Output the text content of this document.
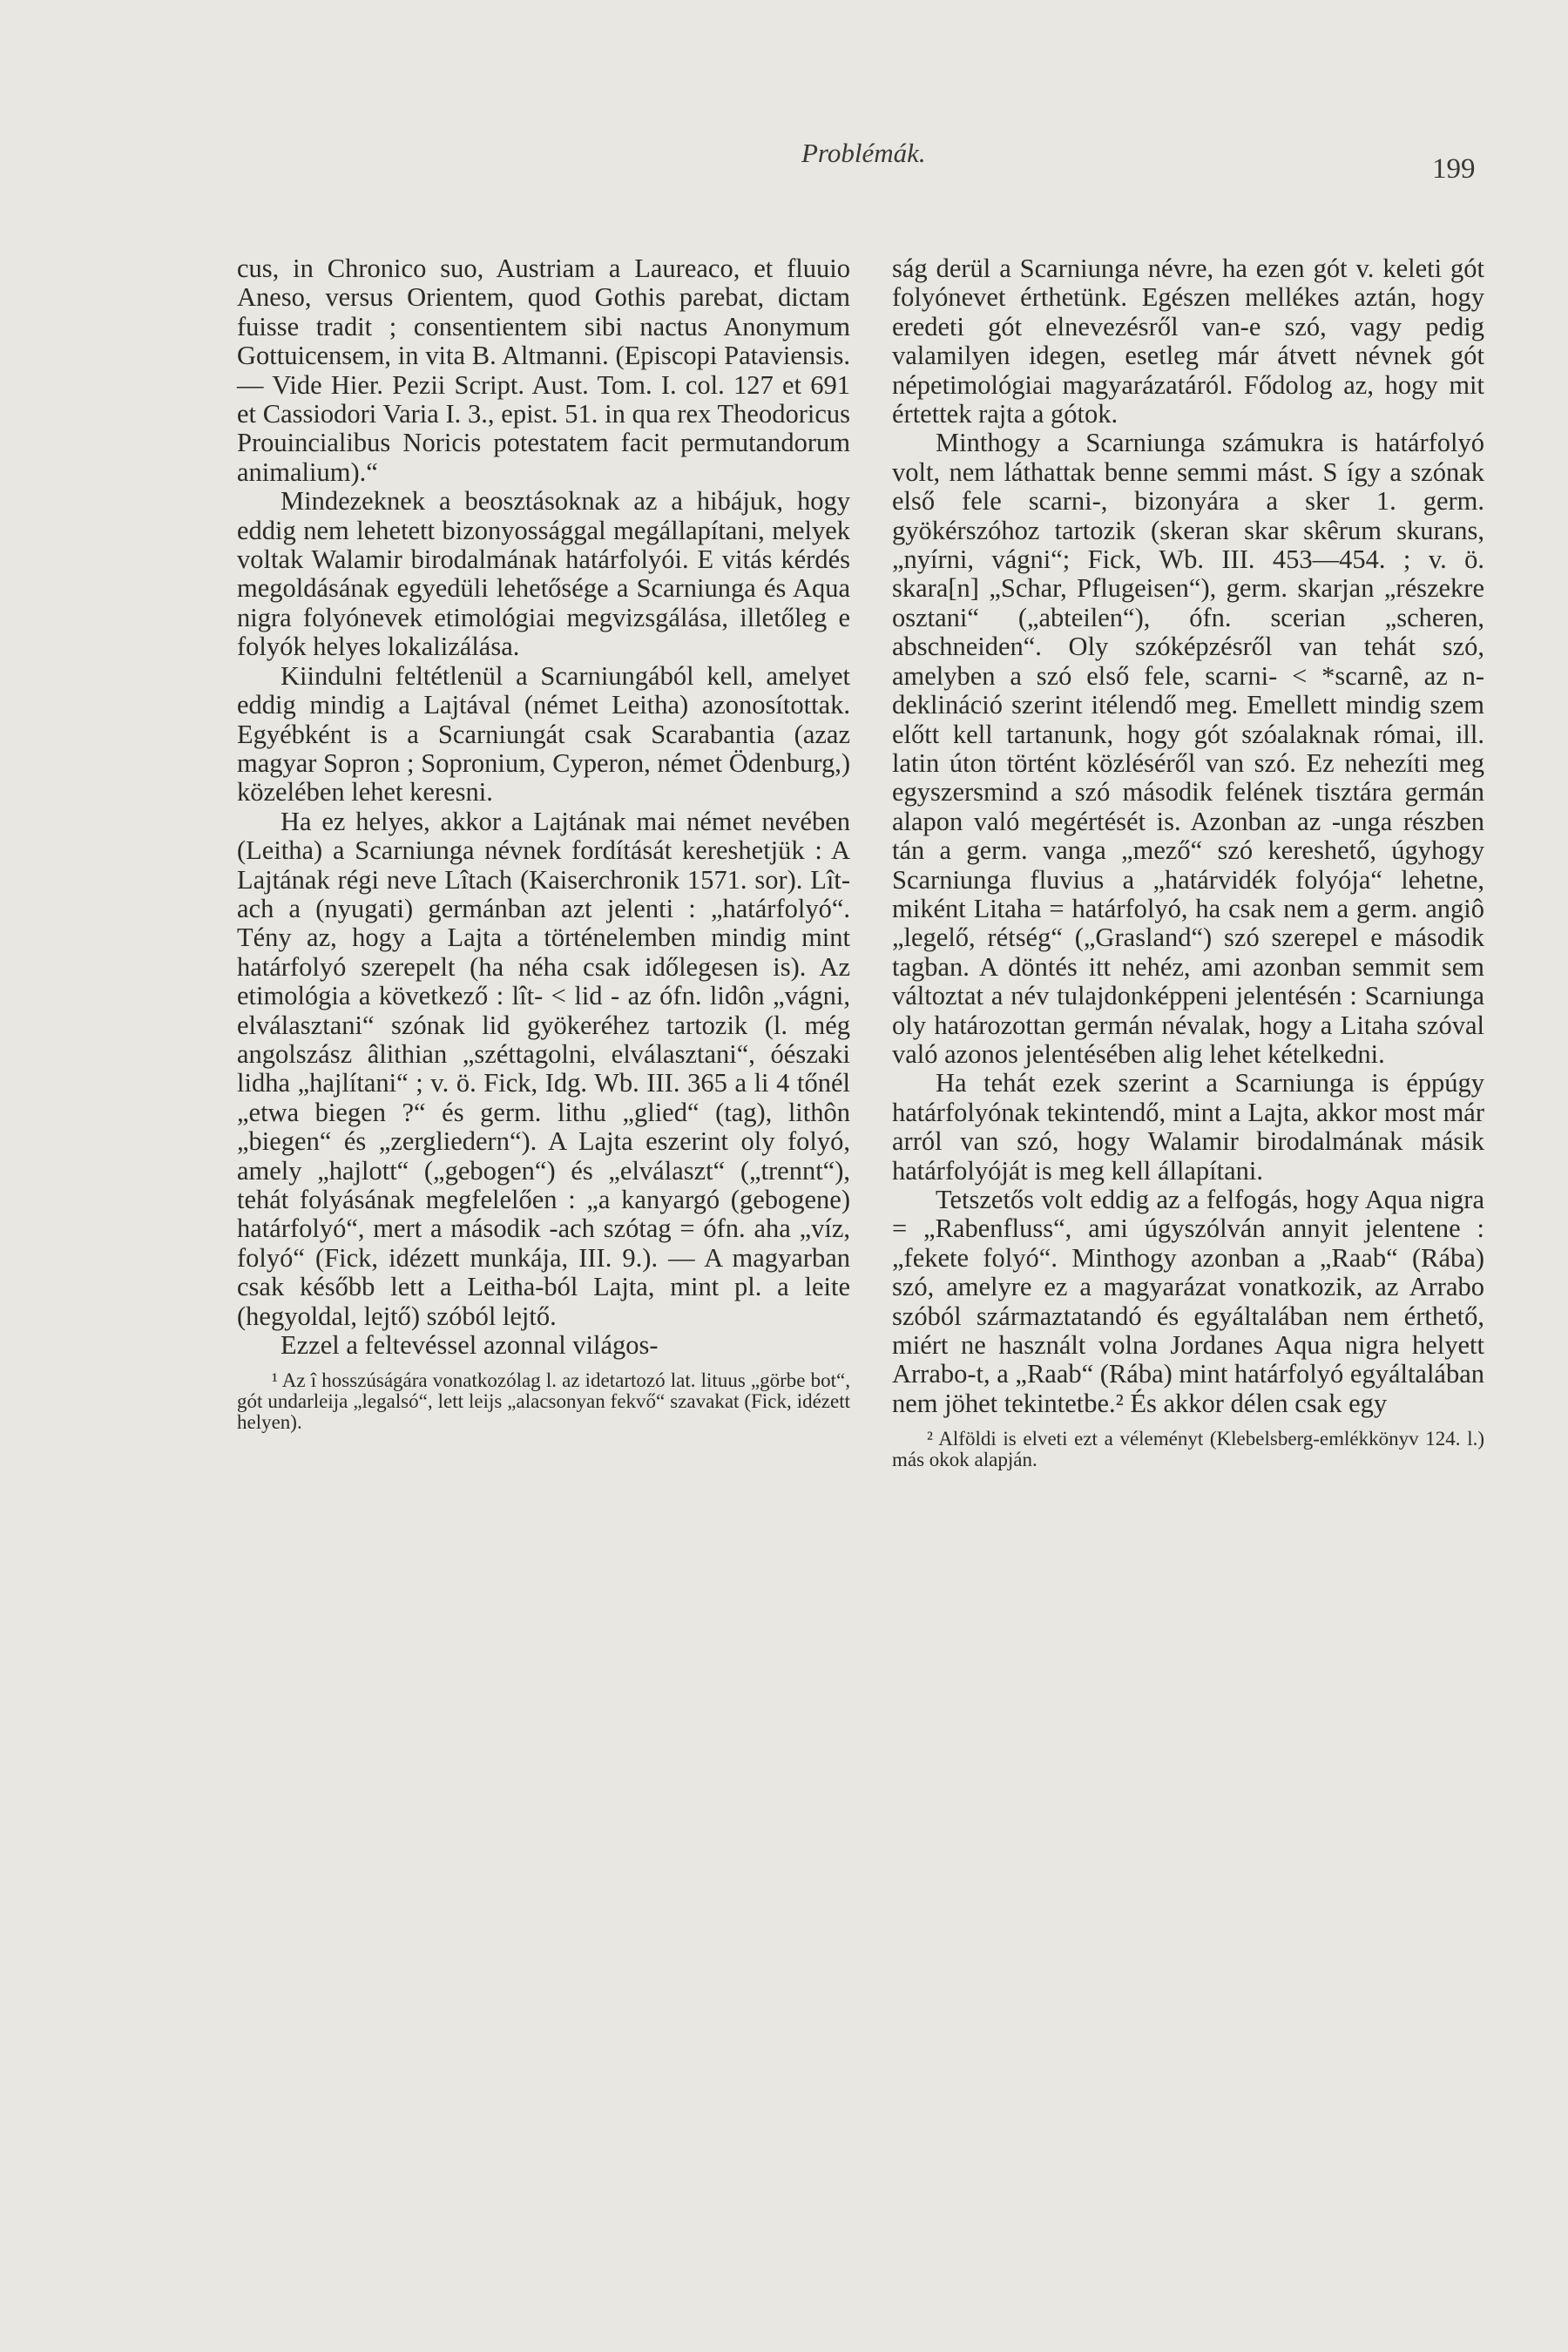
Problémák.
199

cus, in Chronico suo, Austriam a Laureaco, et fluuio Aneso, versus Orientem, quod Gothis parebat, dictam fuisse tradit ; consentientem sibi nactus Anonymum Gottuicensem, in vita B. Altmanni. (Episcopi Pataviensis. — Vide Hier. Pezii Script. Aust. Tom. I. col. 127 et 691 et Cassiodori Varia I. 3., epist. 51. in qua rex Theodoricus Prouincialibus Noricis potestatem facit permutandorum animalium).“

Mindezeknek a beosztásoknak az a hibájuk, hogy eddig nem lehetett bizonyossággal megállapítani, melyek voltak Walamir birodalmának határfolyói. E vitás kérdés megoldásának egyedüli lehetősége a Scarniunga és Aqua nigra folyónevek etimológiai megvizsgálása, illetőleg e folyók helyes lokalizálása.

Kiindulni feltétlenül a Scarniungából kell, amelyet eddig mindig a Lajtával (német Leitha) azonosítottak. Egyébként is a Scarniungát csak Scarabantia (azaz magyar Sopron ; Sopronium, Cyperon, német Ödenburg,) közelében lehet keresni.

Ha ez helyes, akkor a Lajtának mai német nevében (Leitha) a Scarniunga névnek fordítását kereshetjük : A Lajtának régi neve Lîtach (Kaiserchronik 1571. sor). Lît-ach a (nyugati) germánban azt jelenti : „határfolyó“. Tény az, hogy a Lajta a történelemben mindig mint határfolyó szerepelt (ha néha csak időlegesen is). Az etimológia a következő : lît- < lid - az ófn. lidôn „vágni, elválasztani“ szónak lid gyökeréhez tartozik (l. még angolszász âlithian „széttagolni, elválasztani“, óészaki lidha „hajlítani“ ; v. ö. Fick, Idg. Wb. III. 365 a li 4 tőnél „etwa biegen ?“ és germ. lithu „glied“ (tag), lithôn „biegen“ és „zergliedern“). A Lajta eszerint oly folyó, amely „hajlott“ („gebogen“) és „elválaszt“ („trennt“), tehát folyásának megfelelően : „a kanyargó (gebogene) határfolyó“, mert a második -ach szótag = ófn. aha „víz, folyó“ (Fick, idézett munkája, III. 9.). — A magyarban csak később lett a Leitha-ból Lajta, mint pl. a leite (hegyoldal, lejtő) szóból lejtő.

Ezzel a feltevéssel azonnal világos-

¹ Az î hosszúságára vonatkozólag l. az idetartozó lat. lituus „görbe bot“, gót undarleija „legalsó“, lett leijs „alacsonyan fekvő“ szavakat (Fick, idézett helyen).

ság derül a Scarniunga névre, ha ezen gót v. keleti gót folyónevet érthetünk. Egészen mellékes aztán, hogy eredeti gót elnevezésről van-e szó, vagy pedig valamilyen idegen, esetleg már átvett névnek gót népetimológiai magyarázatáról. Fődolog az, hogy mit értettek rajta a gótok.

Minthogy a Scarniunga számukra is határfolyó volt, nem láthattak benne semmi mást. S így a szónak első fele scarni-, bizonyára a sker 1. germ. gyökérszóhoz tartozik (skeran skar skêrum skurans, „nyírni, vágni“; Fick, Wb. III. 453—454. ; v. ö. skara[n] „Schar, Pflugeisen“), germ. skarjan „részekre osztani“ („abteilen“), ófn. scerian „scheren, abschneiden“. Oly szóképzésről van tehát szó, amelyben a szó első fele, scarni- < *scarnê, az n-deklináció szerint itélendő meg. Emellett mindig szem előtt kell tartanunk, hogy gót szóalaknak római, ill. latin úton történt közléséről van szó. Ez nehezíti meg egyszersmind a szó második felének tisztára germán alapon való megértését is. Azonban az -unga részben tán a germ. vanga „mező“ szó kereshető, úgyhogy Scarniunga fluvius a „határvidék folyója“ lehetne, miként Litaha = határfolyó, ha csak nem a germ. angiô „legelő, rétség“ („Grasland“) szó szerepel e második tagban. A döntés itt nehéz, ami azonban semmit sem változtat a név tulajdonképpeni jelentésén : Scarniunga oly határozottan germán névalak, hogy a Litaha szóval való azonos jelentésében alig lehet kételkedni.

Ha tehát ezek szerint a Scarniunga is éppúgy határfolyónak tekintendő, mint a Lajta, akkor most már arról van szó, hogy Walamir birodalmának másik határfolyóját is meg kell állapítani.

Tetszetős volt eddig az a felfogás, hogy Aqua nigra = „Rabenfluss“, ami úgyszólván annyit jelentene : „fekete folyó“. Minthogy azonban a „Raab“ (Rába) szó, amelyre ez a magyarázat vonatkozik, az Arrabo szóból származtatandó és egyáltalában nem érthető, miért ne használt volna Jordanes Aqua nigra helyett Arrabo-t, a „Raab“ (Rába) mint határfolyó egyáltalában nem jöhet tekintetbe.² És akkor délen csak egy

² Alföldi is elveti ezt a véleményt (Klebelsberg-emlékkönyv 124. l.) más okok alapján.
